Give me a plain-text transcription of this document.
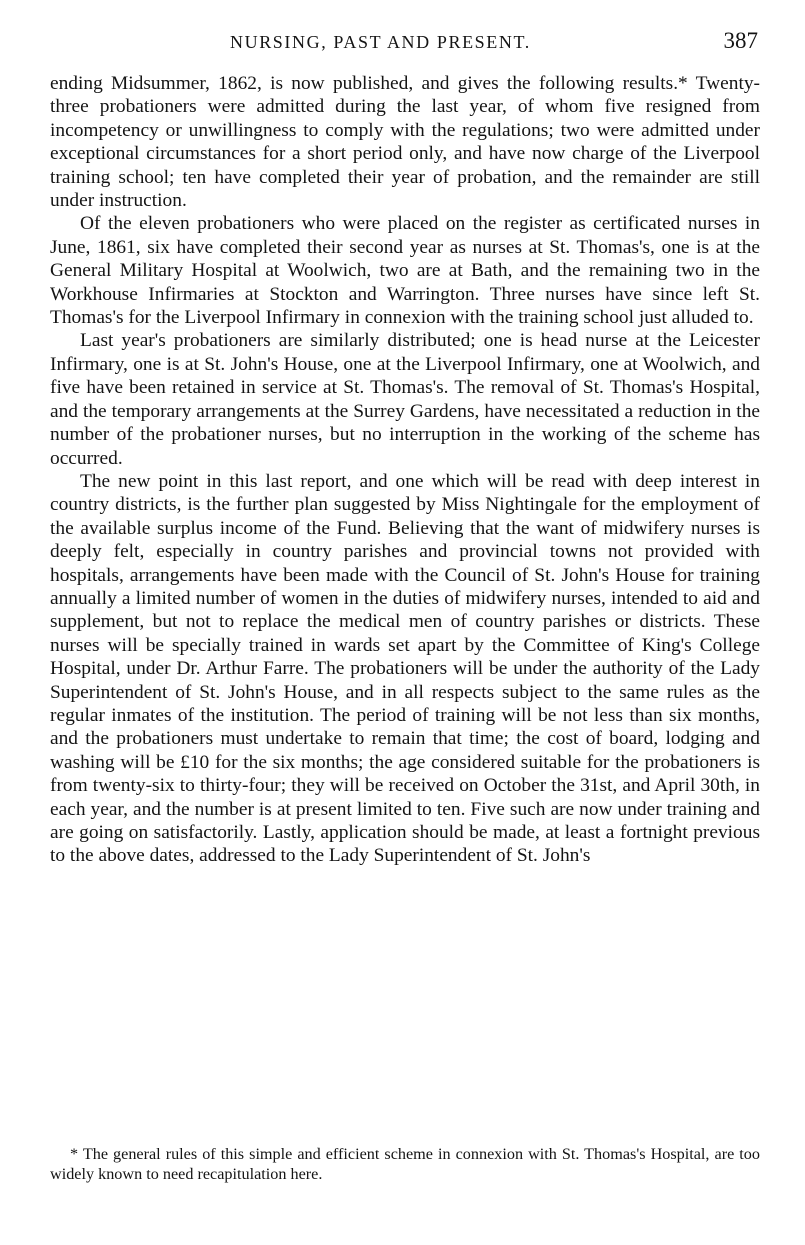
NURSING, PAST AND PRESENT.	387

ending Midsummer, 1862, is now published, and gives the following results.* Twenty-three probationers were admitted during the last year, of whom five resigned from incompetency or unwillingness to comply with the regulations; two were admitted under exceptional circumstances for a short period only, and have now charge of the Liverpool training school; ten have completed their year of probation, and the remainder are still under instruction.

Of the eleven probationers who were placed on the register as certificated nurses in June, 1861, six have completed their second year as nurses at St. Thomas's, one is at the General Military Hospital at Woolwich, two are at Bath, and the remaining two in the Workhouse Infirmaries at Stockton and Warrington. Three nurses have since left St. Thomas's for the Liverpool Infirmary in connexion with the training school just alluded to.

Last year's probationers are similarly distributed; one is head nurse at the Leicester Infirmary, one is at St. John's House, one at the Liverpool Infirmary, one at Woolwich, and five have been retained in service at St. Thomas's. The removal of St. Thomas's Hospital, and the temporary arrangements at the Surrey Gardens, have necessitated a reduction in the number of the probationer nurses, but no interruption in the working of the scheme has occurred.

The new point in this last report, and one which will be read with deep interest in country districts, is the further plan suggested by Miss Nightingale for the employment of the available surplus income of the Fund. Believing that the want of midwifery nurses is deeply felt, especially in country parishes and provincial towns not provided with hospitals, arrangements have been made with the Council of St. John's House for training annually a limited number of women in the duties of midwifery nurses, intended to aid and supplement, but not to replace the medical men of country parishes or districts. These nurses will be specially trained in wards set apart by the Committee of King's College Hospital, under Dr. Arthur Farre. The probationers will be under the authority of the Lady Superintendent of St. John's House, and in all respects subject to the same rules as the regular inmates of the institution. The period of training will be not less than six months, and the probationers must undertake to remain that time; the cost of board, lodging and washing will be £10 for the six months; the age considered suitable for the probationers is from twenty-six to thirty-four; they will be received on October the 31st, and April 30th, in each year, and the number is at present limited to ten. Five such are now under training and are going on satisfactorily. Lastly, application should be made, at least a fortnight previous to the above dates, addressed to the Lady Superintendent of St. John's

* The general rules of this simple and efficient scheme in connexion with St. Thomas's Hospital, are too widely known to need recapitulation here.
